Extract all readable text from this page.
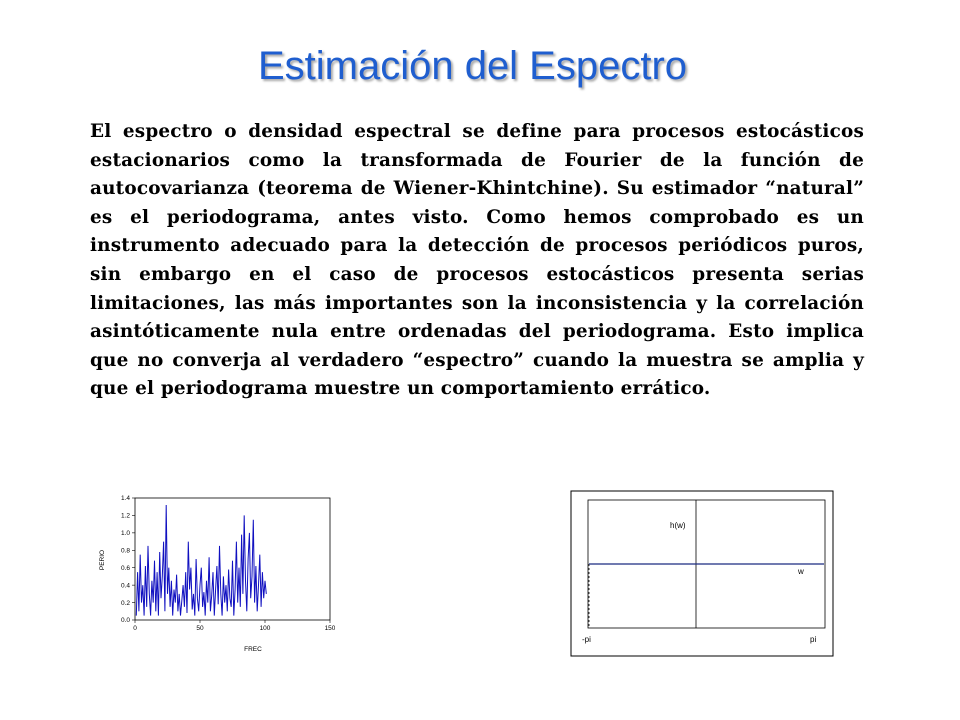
Estimación del Espectro

El espectro o densidad espectral se define para procesos estocásticos estacionarios como la transformada de Fourier de la función de autocovarianza (teorema de Wiener-Khintchine). Su estimador “natural” es el periodograma, antes visto. Como hemos comprobado es un instrumento adecuado para la detección de procesos periódicos puros, sin embargo en el caso de procesos estocásticos presenta serias limitaciones, las más importantes son la inconsistencia y la correlación asintóticamente nula entre ordenadas del periodograma. Esto implica que no converja al verdadero “espectro” cuando la muestra se amplia y que el periodograma muestre un comportamiento errático.

0.0
0.2
0.4
0.6
0.8
1.0
1.2
1.4
0	50	100	150
PERIO
FREC
h(w)
w
-pi	pi
